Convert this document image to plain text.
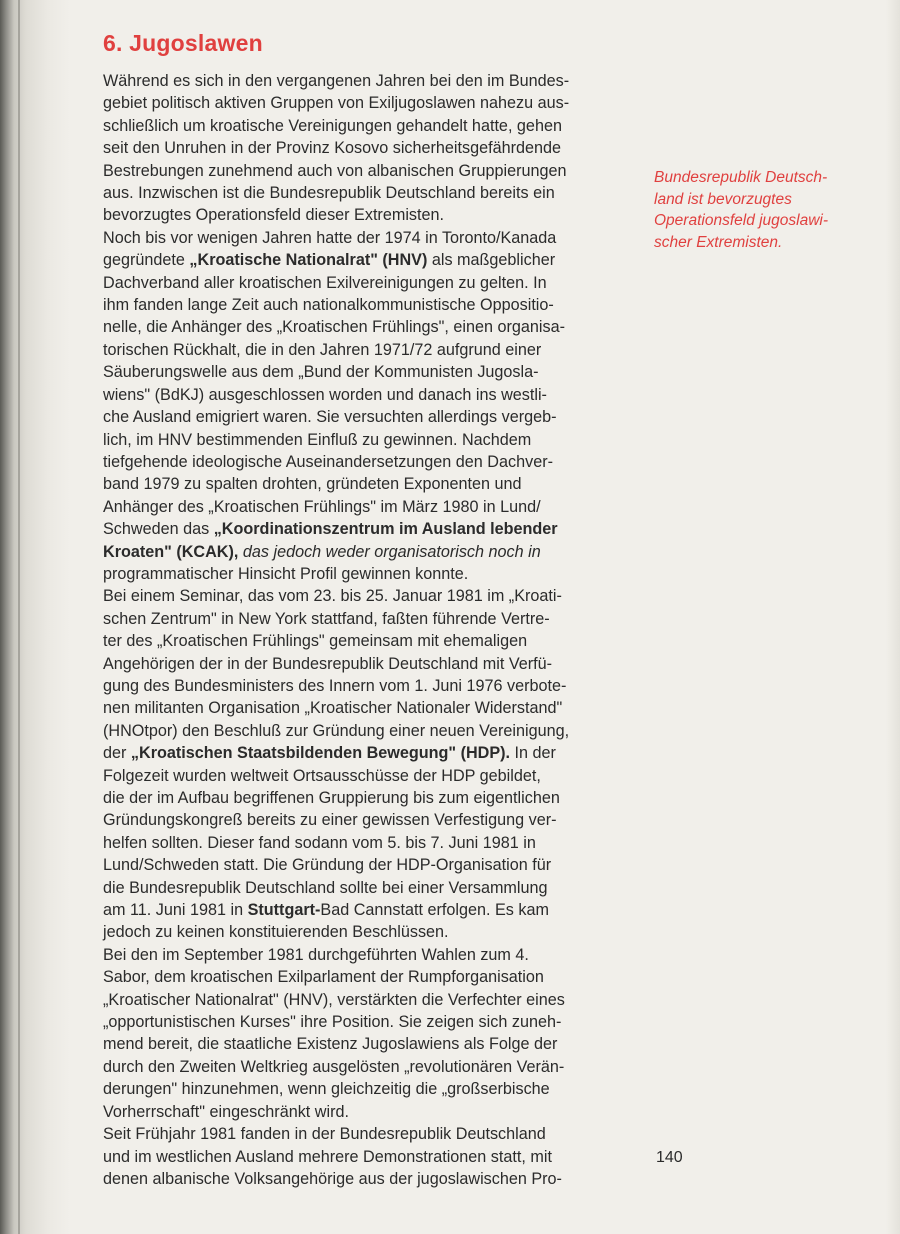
6. Jugoslawen

Während es sich in den vergangenen Jahren bei den im Bundes-
gebiet politisch aktiven Gruppen von Exiljugoslawen nahezu aus-
schließlich um kroatische Vereinigungen gehandelt hatte, gehen
seit den Unruhen in der Provinz Kosovo sicherheitsgefährdende
Bestrebungen zunehmend auch von albanischen Gruppierungen
aus. Inzwischen ist die Bundesrepublik Deutschland bereits ein
bevorzugtes Operationsfeld dieser Extremisten.

Noch bis vor wenigen Jahren hatte der 1974 in Toronto/Kanada
gegründete „Kroatische Nationalrat" (HNV) als maßgeblicher
Dachverband aller kroatischen Exilvereinigungen zu gelten. In
ihm fanden lange Zeit auch nationalkommunistische Oppositio-
nelle, die Anhänger des „Kroatischen Frühlings", einen organisa-
torischen Rückhalt, die in den Jahren 1971/72 aufgrund einer
Säuberungswelle aus dem „Bund der Kommunisten Jugosla-
wiens" (BdKJ) ausgeschlossen worden und danach ins westli-
che Ausland emigriert waren. Sie versuchten allerdings vergeb-
lich, im HNV bestimmenden Einfluß zu gewinnen. Nachdem
tiefgehende ideologische Auseinandersetzungen den Dachver-
band 1979 zu spalten drohten, gründeten Exponenten und
Anhänger des „Kroatischen Frühlings" im März 1980 in Lund/
Schweden das „Koordinationszentrum im Ausland lebender
Kroaten" (KCAK), das jedoch weder organisatorisch noch in
programmatischer Hinsicht Profil gewinnen konnte.

Bei einem Seminar, das vom 23. bis 25. Januar 1981 im „Kroati-
schen Zentrum" in New York stattfand, faßten führende Vertre-
ter des „Kroatischen Frühlings" gemeinsam mit ehemaligen
Angehörigen der in der Bundesrepublik Deutschland mit Verfü-
gung des Bundesministers des Innern vom 1. Juni 1976 verbote-
nen militanten Organisation „Kroatischer Nationaler Widerstand"
(HNOtpor) den Beschluß zur Gründung einer neuen Vereinigung,
der „Kroatischen Staatsbildenden Bewegung" (HDP). In der
Folgezeit wurden weltweit Ortsausschüsse der HDP gebildet,
die der im Aufbau begriffenen Gruppierung bis zum eigentlichen
Gründungskongreß bereits zu einer gewissen Verfestigung ver-
helfen sollten. Dieser fand sodann vom 5. bis 7. Juni 1981 in
Lund/Schweden statt. Die Gründung der HDP-Organisation für
die Bundesrepublik Deutschland sollte bei einer Versammlung
am 11. Juni 1981 in Stuttgart-Bad Cannstatt erfolgen. Es kam
jedoch zu keinen konstituierenden Beschlüssen.

Bei den im September 1981 durchgeführten Wahlen zum 4.
Sabor, dem kroatischen Exilparlament der Rumpforganisation
„Kroatischer Nationalrat" (HNV), verstärkten die Verfechter eines
„opportunistischen Kurses" ihre Position. Sie zeigen sich zuneh-
mend bereit, die staatliche Existenz Jugoslawiens als Folge der
durch den Zweiten Weltkrieg ausgelösten „revolutionären Verän-
derungen" hinzunehmen, wenn gleichzeitig die „großserbische
Vorherrschaft" eingeschränkt wird.

Seit Frühjahr 1981 fanden in der Bundesrepublik Deutschland
und im westlichen Ausland mehrere Demonstrationen statt, mit
denen albanische Volksangehörige aus der jugoslawischen Pro-

Bundesrepublik Deutsch-
land ist bevorzugtes
Operationsfeld jugoslawi-
scher Extremisten.
140
